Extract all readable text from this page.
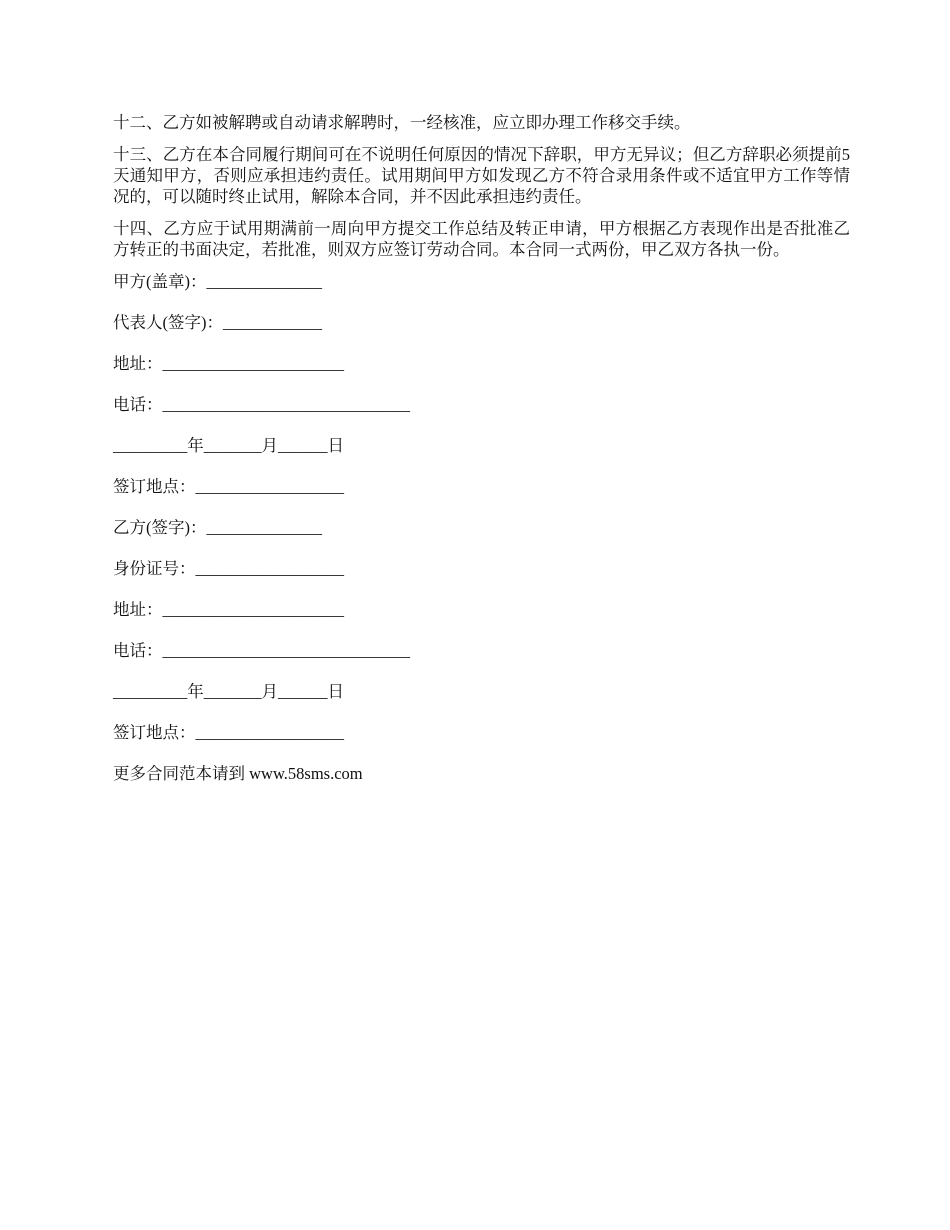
十二、乙方如被解聘或自动请求解聘时，一经核准，应立即办理工作移交手续。

十三、乙方在本合同履行期间可在不说明任何原因的情况下辞职，甲方无异议；但乙方辞职必须提前5天通知甲方，否则应承担违约责任。试用期间甲方如发现乙方不符合录用条件或不适宜甲方工作等情况的，可以随时终止试用，解除本合同，并不因此承担违约责任。

十四、乙方应于试用期满前一周向甲方提交工作总结及转正申请，甲方根据乙方表现作出是否批准乙方转正的书面决定，若批准，则双方应签订劳动合同。本合同一式两份，甲乙双方各执一份。

甲方(盖章)：______________

代表人(签字)：____________

地址：______________________

电话：______________________________

_________年_______月______日

签订地点：__________________

乙方(签字)：______________

身份证号：__________________

地址：______________________

电话：______________________________

_________年_______月______日

签订地点：__________________

更多合同范本请到 www.58sms.com
